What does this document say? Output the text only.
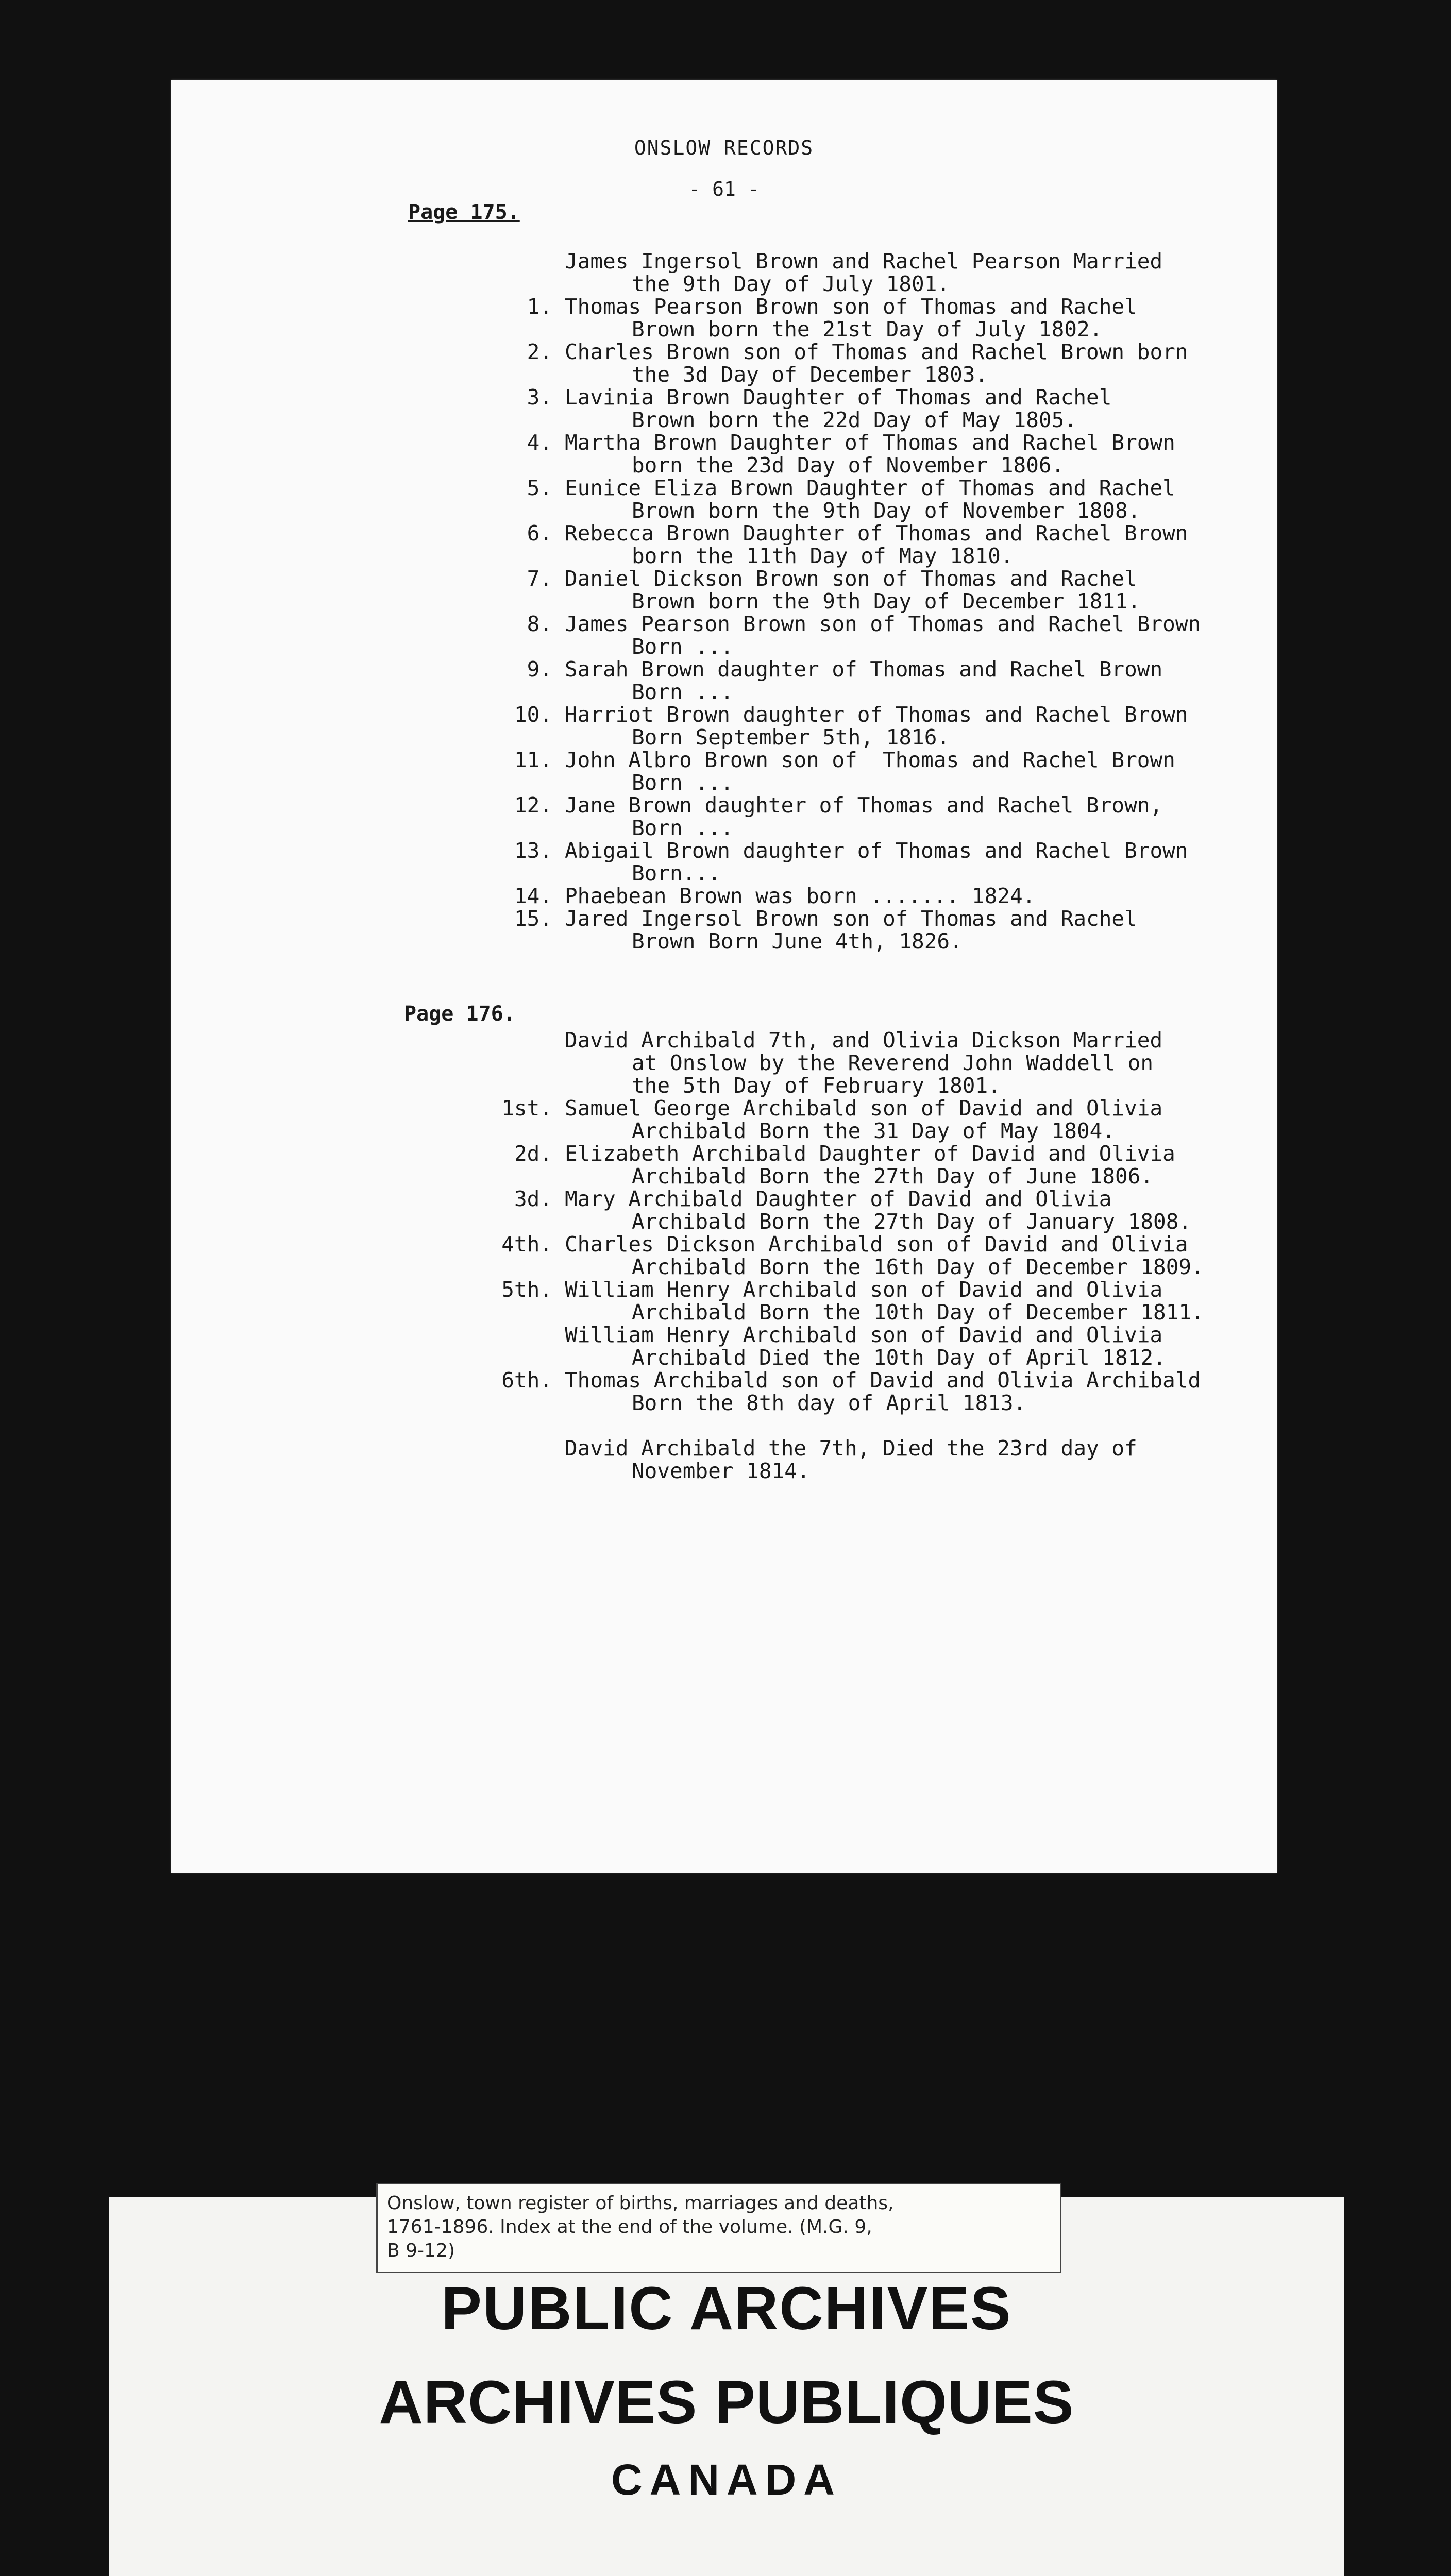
ONSLOW RECORDS
- 61 -
Page 175.
James Ingersol Brown and Rachel Pearson Married
the 9th Day of July 1801.
1. Thomas Pearson Brown son of Thomas and Rachel
Brown born the 21st Day of July 1802.
2. Charles Brown son of Thomas and Rachel Brown born
the 3d Day of December 1803.
3. Lavinia Brown Daughter of Thomas and Rachel
Brown born the 22d Day of May 1805.
4. Martha Brown Daughter of Thomas and Rachel Brown
born the 23d Day of November 1806.
5. Eunice Eliza Brown Daughter of Thomas and Rachel
Brown born the 9th Day of November 1808.
6. Rebecca Brown Daughter of Thomas and Rachel Brown
born the 11th Day of May 1810.
7. Daniel Dickson Brown son of Thomas and Rachel
Brown born the 9th Day of December 1811.
8. James Pearson Brown son of Thomas and Rachel Brown
Born ...
9. Sarah Brown daughter of Thomas and Rachel Brown
Born ...
10. Harriot Brown daughter of Thomas and Rachel Brown
Born September 5th, 1816.
11. John Albro Brown son of  Thomas and Rachel Brown
Born ...
12. Jane Brown daughter of Thomas and Rachel Brown,
Born ...
13. Abigail Brown daughter of Thomas and Rachel Brown
Born...
14. Phaebean Brown was born ....... 1824.
15. Jared Ingersol Brown son of Thomas and Rachel
Brown Born June 4th, 1826.
Page 176.
David Archibald 7th, and Olivia Dickson Married
at Onslow by the Reverend John Waddell on
the 5th Day of February 1801.
1st. Samuel George Archibald son of David and Olivia
Archibald Born the 31 Day of May 1804.
2d. Elizabeth Archibald Daughter of David and Olivia
Archibald Born the 27th Day of June 1806.
3d. Mary Archibald Daughter of David and Olivia
Archibald Born the 27th Day of January 1808.
4th. Charles Dickson Archibald son of David and Olivia
Archibald Born the 16th Day of December 1809.
5th. William Henry Archibald son of David and Olivia
Archibald Born the 10th Day of December 1811.
William Henry Archibald son of David and Olivia
Archibald Died the 10th Day of April 1812.
6th. Thomas Archibald son of David and Olivia Archibald
Born the 8th day of April 1813.
David Archibald the 7th, Died the 23rd day of
November 1814.
Onslow, town register of births, marriages and deaths,
1761-1896. Index at the end of the volume. (M.G. 9,
B 9-12)
PUBLIC ARCHIVES
ARCHIVES PUBLIQUES
CANADA
